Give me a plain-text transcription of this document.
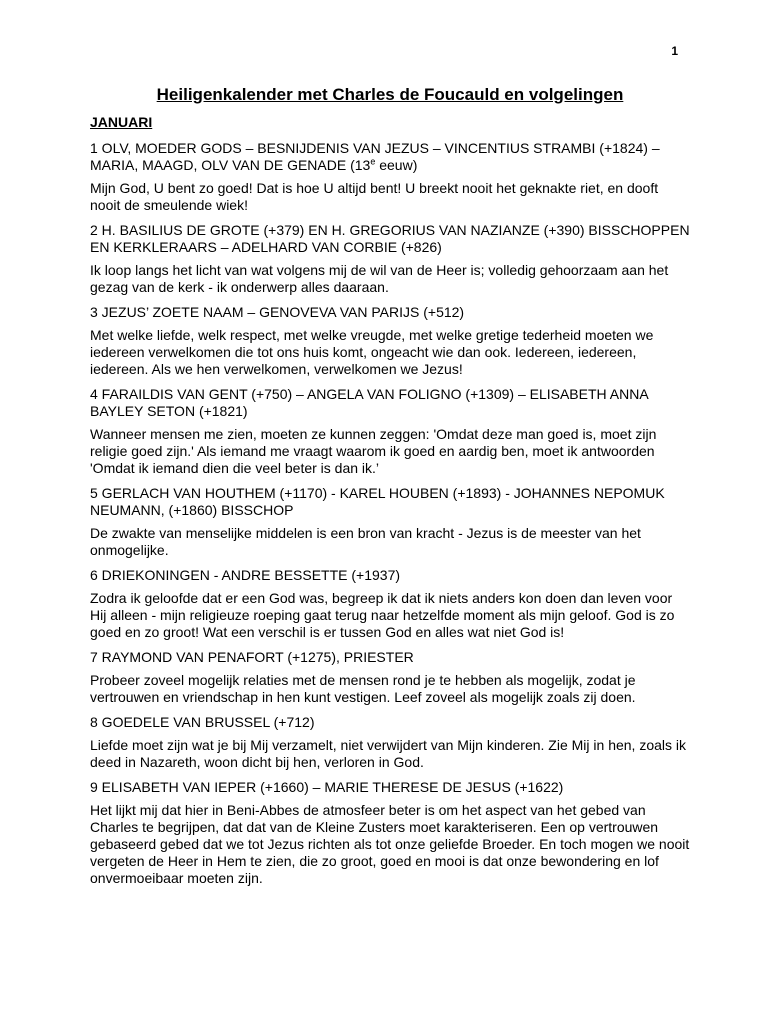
1
Heiligenkalender met Charles de Foucauld en volgelingen
JANUARI
1 OLV, MOEDER GODS – BESNIJDENIS VAN JEZUS – VINCENTIUS STRAMBI (+1824) – MARIA, MAAGD, OLV VAN DE GENADE (13e eeuw)
Mijn God, U bent zo goed! Dat is hoe U altijd bent! U breekt nooit het geknakte riet, en dooft nooit de smeulende wiek!
2 H. BASILIUS DE GROTE (+379) EN H. GREGORIUS VAN NAZIANZE (+390) BISSCHOPPEN EN KERKLERAARS – ADELHARD VAN CORBIE (+826)
Ik loop langs het licht van wat volgens mij de wil van de Heer is; volledig gehoorzaam aan het gezag van de kerk - ik onderwerp alles daaraan.
3 JEZUS’ ZOETE NAAM – GENOVEVA VAN PARIJS (+512)
Met welke liefde, welk respect, met welke vreugde, met welke gretige tederheid moeten we iedereen verwelkomen die tot ons huis komt, ongeacht wie dan ook. Iedereen, iedereen, iedereen. Als we hen verwelkomen, verwelkomen we Jezus!
4 FARAILDIS VAN GENT (+750) – ANGELA VAN FOLIGNO (+1309) – ELISABETH ANNA BAYLEY SETON (+1821)
Wanneer mensen me zien, moeten ze kunnen zeggen: 'Omdat deze man goed is, moet zijn religie goed zijn.' Als iemand me vraagt waarom ik goed en aardig ben, moet ik antwoorden 'Omdat ik iemand dien die veel beter is dan ik.’
5 GERLACH VAN HOUTHEM (+1170) - KAREL HOUBEN (+1893) - JOHANNES NEPOMUK NEUMANN, (+1860) BISSCHOP
De zwakte van menselijke middelen is een bron van kracht - Jezus is de meester van het onmogelijke.
6 DRIEKONINGEN - ANDRE BESSETTE (+1937)
Zodra ik geloofde dat er een God was, begreep ik dat ik niets anders kon doen dan leven voor Hij alleen - mijn religieuze roeping gaat terug naar hetzelfde moment als mijn geloof. God is zo goed en zo groot! Wat een verschil is er tussen God en alles wat niet God is!
7 RAYMOND VAN PENAFORT (+1275), PRIESTER
Probeer zoveel mogelijk relaties met de mensen rond je te hebben als mogelijk, zodat je vertrouwen en vriendschap in hen kunt vestigen. Leef zoveel als mogelijk zoals zij doen.
8 GOEDELE VAN BRUSSEL (+712)
Liefde moet zijn wat je bij Mij verzamelt, niet verwijdert van Mijn kinderen. Zie Mij in hen, zoals ik deed in Nazareth, woon dicht bij hen, verloren in God.
9 ELISABETH VAN IEPER (+1660) – MARIE THERESE DE JESUS (+1622)
Het lijkt mij dat hier in Beni-Abbes de atmosfeer beter is om het aspect van het gebed van Charles te begrijpen, dat dat van de Kleine Zusters moet karakteriseren. Een op vertrouwen gebaseerd gebed dat we tot Jezus richten als tot onze geliefde Broeder. En toch mogen we nooit vergeten de Heer in Hem te zien, die zo groot, goed en mooi is dat onze bewondering en lof onvermoeibaar moeten zijn.
